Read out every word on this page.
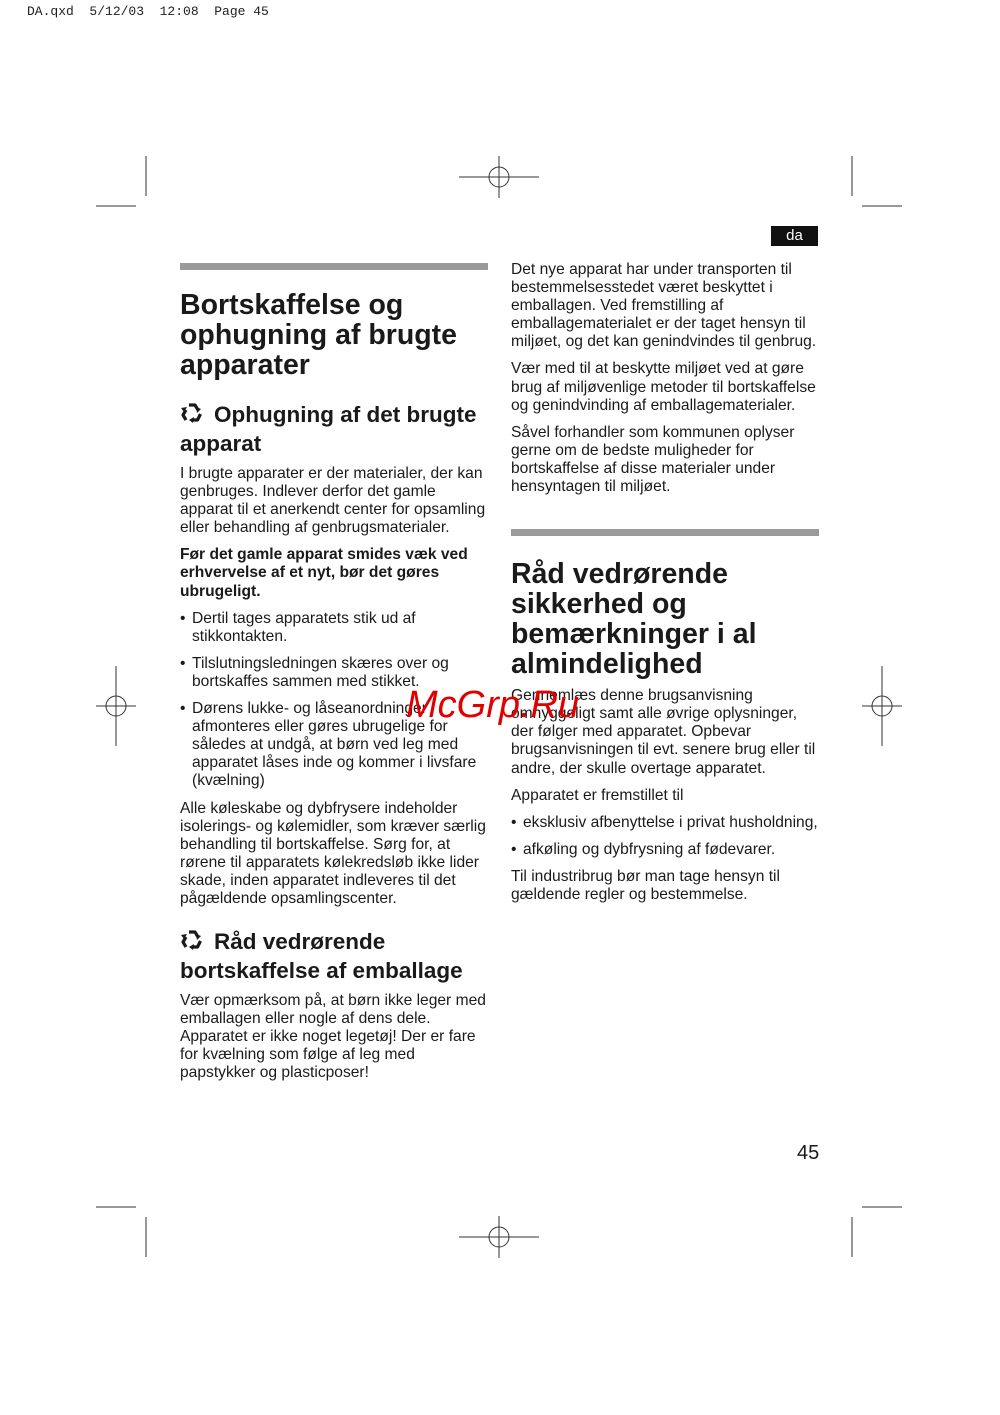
DA.qxd  5/12/03  12:08  Page 45
da
Bortskaffelse og ophugning af brugte apparater
Ophugning af det brugte apparat

I brugte apparater er der materialer, der kan genbruges. Indlever derfor det gamle apparat til et anerkendt center for opsamling eller behandling af genbrugsmaterialer.

Før det gamle apparat smides væk ved erhvervelse af et nyt, bør det gøres ubrugeligt.

• Dertil tages apparatets stik ud af stikkontakten.
• Tilslutningsledningen skæres over og bortskaffes sammen med stikket.
• Dørens lukke- og låseanordninger afmonteres eller gøres ubrugelige for således at undgå, at børn ved leg med apparatet låses inde og kommer i livsfare (kvælning)

Alle køleskabe og dybfrysere indeholder isolerings- og kølemidler, som kræver særlig behandling til bortskaffelse. Sørg for, at rørene til apparatets kølekredsløb ikke lider skade, inden apparatet indleveres til det pågældende opsamlingscenter.

Råd vedrørende bortskaffelse af emballage

Vær opmærksom på, at børn ikke leger med emballagen eller nogle af dens dele. Apparatet er ikke noget legetøj! Der er fare for kvælning som følge af leg med papstykker og plasticposer!

Det nye apparat har under transporten til bestemmelsesstedet været beskyttet i emballagen. Ved fremstilling af emballagematerialet er der taget hensyn til miljøet, og det kan genindvindes til genbrug.

Vær med til at beskytte miljøet ved at gøre brug af miljøvenlige metoder til bortskaffelse og genindvinding af emballagematerialer.

Såvel forhandler som kommunen oplyser gerne om de bedste muligheder for bortskaffelse af disse materialer under hensyntagen til miljøet.

Råd vedrørende sikkerhed og bemærkninger i al almindelighed

Gennemlæs denne brugsanvisning omhyggeligt samt alle øvrige oplysninger, der følger med apparatet. Opbevar brugsanvisningen til evt. senere brug eller til andre, der skulle overtage apparatet.

Apparatet er fremstillet til

• eksklusiv afbenyttelse i privat husholdning,
• afkøling og dybfrysning af fødevarer.

Til industribrug bør man tage hensyn til gældende regler og bestemmelse.

McGrp.Ru
45
